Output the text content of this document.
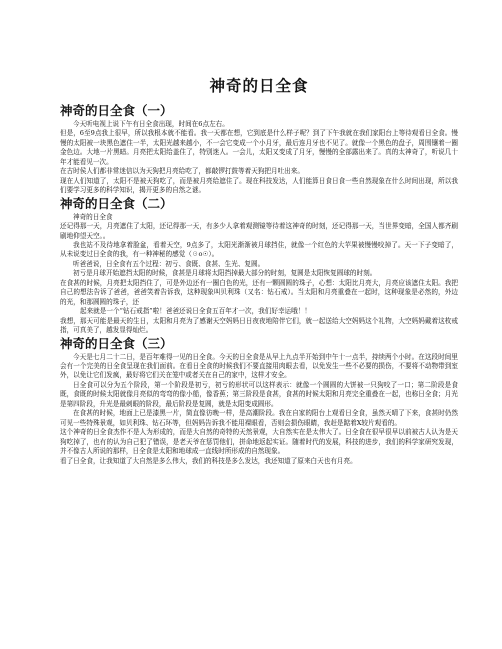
神奇的日全食
神奇的日全食（一）

今天听电视上说下午有日全食出现，时间在6点左右。

但是，6至9点我上很早，所以我根本就不能看。我一天都在想，它到底是什么样子呢？到了下午我就在我们家阳台上等待观看日全食。慢慢的太阳被一块黑色遮住一半，太阳光越来越小，不一会它变成一个小月牙，最后连月牙也不见了。就像一个黑色的盘子，周围镶着一圈金色边。大地一片黑暗。月亮把太阳给盖住了，特别迷人。一会儿，太阳又变成了月牙，慢慢的全部露出来了。真的太神奇了，听说几十年才能看见一次。

在古时侯人们都非常迷信以为天狗把月亮给吃了，都敲锣打鼓等着天狗把月吐出来。

现在人们知道了，太阳不是被天狗吃了，而是被月亮给遮住了。现在科技发达，人们能算日食日食一些自然现象在什么时间出现，所以我们要学习更多的科学知识，揭开更多的自然之谜。

神奇的日全食（二）

神奇的日全食

还记得那一天，月亮遮住了太阳，还记得那一天，有多少人拿着观测镜等待着这神奇的时刻，还记得那一天，当世界变暗，全国人都齐刷刷地仰望天空。。

我也站不及待地拿着脸盆，看着天空，9点多了，太阳光渐渐被月球挡住，就像一个红色的大苹果被慢慢咬掉了。天一下子变暗了，从未说变过日全食的我，有一种神秘的感觉（☉o☉）。

听爸爸说，日全食有五个过程：初亏、食既、食甚、生光、复圆。

初亏是月球开始遮挡太阳的时候，食甚是月球将太阳挡掉最大部分的时刻，复圆是太阳恢复圆球的时刻。

在食甚的时候，月亮把太阳挡住了，可是外边还有一圈白色的光，还有一颗圆圆的珠子，心想：太阳比月亮大，月亮应该遮住太阳。我把自己的想法告诉了爸爸，爸爸笑着告诉我，这种现象叫贝利珠（又名：钻石戒）。当太阳和月亮重叠在一起时，这种现象是必然的，外边的光，和那圆圆的珠子，还

起来就是一个“钻石戒指”啦！爸爸还说日全食五百年才一次，我们好幸运哦！！

我想，那天可能是最天的生日，太阳和月亮为了感谢天空妈妈日日夜夜地陪伴它们，就一起送给大空妈妈这个礼物，大空妈妈戴着这枚戒指，可真美了，越发显得灿烂。

神奇的日全食（三）

今天是七月二十二日，是百年难得一见的日全食。今天的日全食是从早上九点半开始到中午十一点半，持续两个小时。在这段时间里会有一个完美的日全食呈现在我们面前。在看日全食的时候我们不要直接用肉眼去看，以免发生一些不必要的损伤，不要将不动物带到室外，以免让它们发疯，最好将它们关在笼中或者关在自己的家中，这样才安全。

日全食可以分为五个阶段，第一个阶段是初亏，初亏的形状可以这样表示：就像一个圆圆的大饼被一只狗咬了一口；第二阶段是食既，食既的时候太阳就像月亮似的弯弯的像小船，像香蕉；第三阶段是食甚，食甚的时候太阳和月亮完全重叠在一起，也称日全食；月光是第四阶段，升光是最刺眼的阶段，最后阶段是复圆，就是太阳变成圆形。

在食甚的时候，地面上已是漆黑一片，简直像彷晚一样，是高潮阶段。我在自家的阳台上观看日全食，虽然天晴了下来，食甚时仍然可见一些特殊景观，如贝利珠、钻石环等，但妈妈告诉我不能用裸眼看，否则会损伤眼睛，我赶是踮着X较片观看的。

这个神奇的日全食杰作不是人为形成的，而是大自然的奇特的天然景观，大自然实在是太伟大了。日全食在很早很早以前被古人认为是天狗吃掉了，也有的认为自己犯了错误，是老天爷在惩罚他们，拼命地返起实证。随着时代的发展，科技的进步，我们的科学家研究发现，并不像古人所说的那样，日全食是太阳和地球成一直线时所形成的自然现象。

看了日全食，让我知道了大自然是多么伟大，我们的科技是多么发达，我还知道了原来白天也有月亮。
